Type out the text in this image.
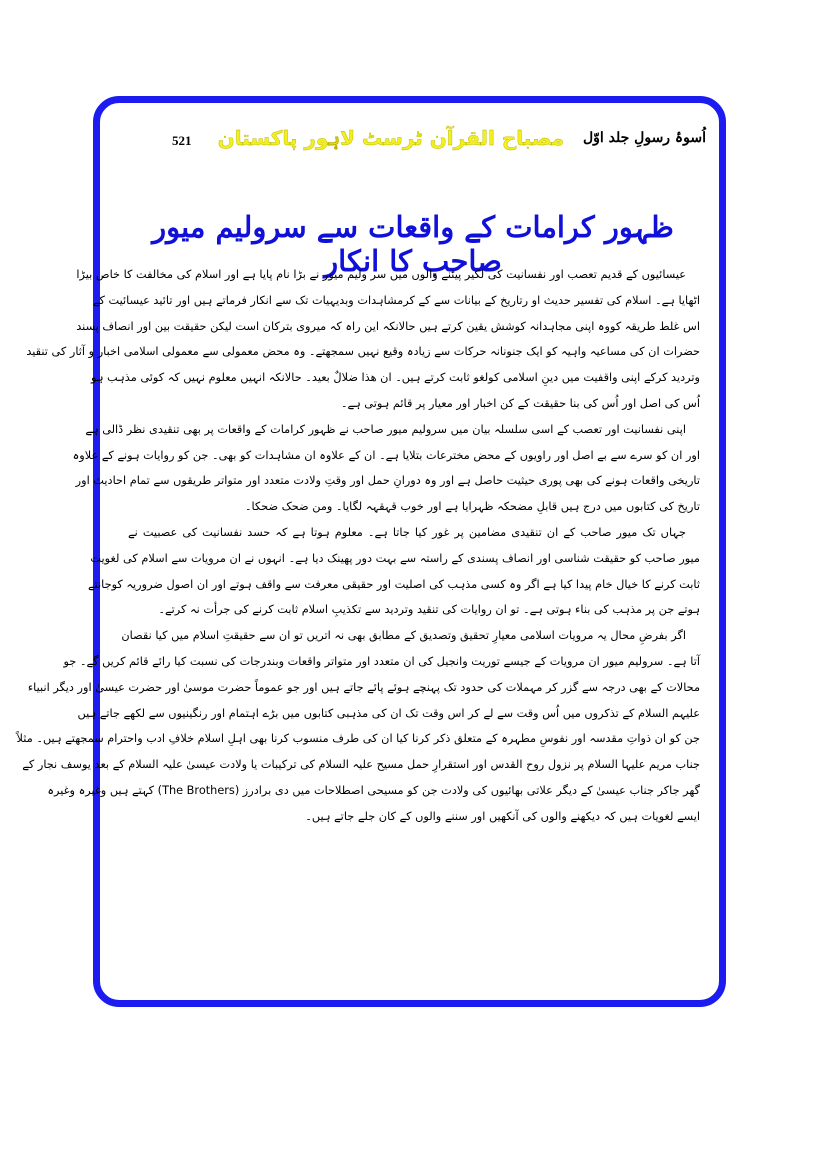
اُسوۂ رسولِ جلد اوّل
مصباح القرآن ٹرسٹ لاہور پاکستان
521
ظہور کرامات کے واقعات سے سرولیم میور صاحب کا انکار
عیسائیوں کے قدیم تعصب اور نفسانیت کی لکیر پیٹنے والوں میں سر ولیم میور نے بڑا نام پایا ہے اور اسلام کی مخالفت کا خاص بیڑا
اٹھایا ہے۔ اسلام کی تفسیر حدیث او رتاریخ کے بیانات سے کے کرمشاہدات وبدیہیات تک سے انکار فرماتے ہیں اور تائید عیسائیت کے
اس غلط طریقہ کووہ اپنی مجاہدانہ کوشش یقین کرتے ہیں حالانکہ این راہ کہ میروی بترکان است لیکن حقیقت بین اور انصاف پسند
حضرات ان کی مساعیہ واہیہ کو ایک جنونانہ حرکات سے زیادہ وقیع نہیں سمجھتے۔ وہ محض معمولی سے معمولی اسلامی اخبار و آثار کی تنقید
وتردید کرکے اپنی واقفیت میں دینِ اسلامی کولغو ثابت کرتے ہیں۔ ان ھذا ضلالٌ بعید۔ حالانکہ انہیں معلوم نہیں کہ کوئی مذہب ہو
اُس کی اصل اور اُس کی بنا حقیقت کے کن اخبار اور معیار پر قائم ہوتی ہے۔
اپنی نفسانیت اور تعصب کے اسی سلسلہ بیان میں سرولیم میور صاحب نے ظہور کرامات کے واقعات پر بھی تنقیدی نظر ڈالی ہے
اور ان کو سرے سے بے اصل اور راویوں کے محض مخترعات بتلایا ہے۔ ان کے علاوہ ان مشاہدات کو بھی۔ جن کو روایات ہونے کے علاوہ
تاریخی واقعات ہونے کی بھی پوری حیثیت حاصل ہے اور وہ دورانِ حمل اور وقتِ ولادت متعدد اور متواتر طریقوں سے تمام احادیث اور
تاریخ کی کتابوں میں درج ہیں قابلِ مضحکہ ظہرایا ہے اور خوب قہقہہ لگایا۔ ومن ضحک ضحکا۔
جہاں تک میور صاحب کے ان تنقیدی مضامین پر غور کیا جاتا ہے۔ معلوم ہوتا ہے کہ حسد نفسانیت کی عصبیت نے
میور صاحب کو حقیقت شناسی اور انصاف پسندی کے راستہ سے بہت دور پھینک دیا ہے۔ انہوں نے ان مرویات سے اسلام کی لغویت
ثابت کرنے کا خیال خام پیدا کیا ہے اگر وہ کسی مذہب کی اصلیت اور حقیقی معرفت سے واقف ہوتے اور ان اصول ضروریہ کوجانتے
ہوتے جن پر مذہب کی بناء ہوتی ہے۔ تو ان روایات کی تنقید وتردید سے تکذیبِ اسلام ثابت کرنے کی جرأت نہ کرتے۔
اگر بفرضِ محال یہ مرویات اسلامی معیارِ تحقیق وتصدیق کے مطابق بھی نہ اتریں تو ان سے حقیقتِ اسلام میں کیا نقصان
آتا ہے۔ سرولیم میور ان مرویات کے جیسے توریت وانجیل کی ان متعدد اور متواتر واقعات وبندرجات کی نسبت کیا رائے قائم کریں گے۔ جو
محالات کے بھی درجہ سے گزر کر مہملات کی حدود تک پہنچے ہوئے پائے جاتے ہیں اور جو عموماً حضرت موسیٰ اور حضرت عیسیٰ اور دیگر انبیاء
علیہم السلام کے تذکروں میں اُس وقت سے لے کر اس وقت تک ان کی مذہبی کتابوں میں بڑے اہتمام اور رنگینیوں سے لکھے جاتے ہیں
جن کو ان ذواتِ مقدسہ اور نفوسِ مطہرہ کے متعلق ذکر کرنا کیا ان کی طرف منسوب کرنا بھی اہلِ اسلام خلافِ ادب واحترام سمجھتے ہیں۔ مثلاً
جناب مریم علیہا السلام پر نزول روح القدس اور استقرارِ حمل مسیح علیہ السلام کی ترکیبات یا ولادت عیسیٰ علیہ السلام کے بعد یوسف نجار کے
گھر جاکر جناب عیسیٰ کے دیگر علاتی بھائیوں کی ولادت جن کو مسیحی اصطلاحات میں دی برادرز (The Brothers) کہتے ہیں وغیرہ وغیرہ
ایسے لغویات ہیں کہ دیکھنے والوں کی آنکھیں اور سننے والوں کے کان جلے جاتے ہیں۔
